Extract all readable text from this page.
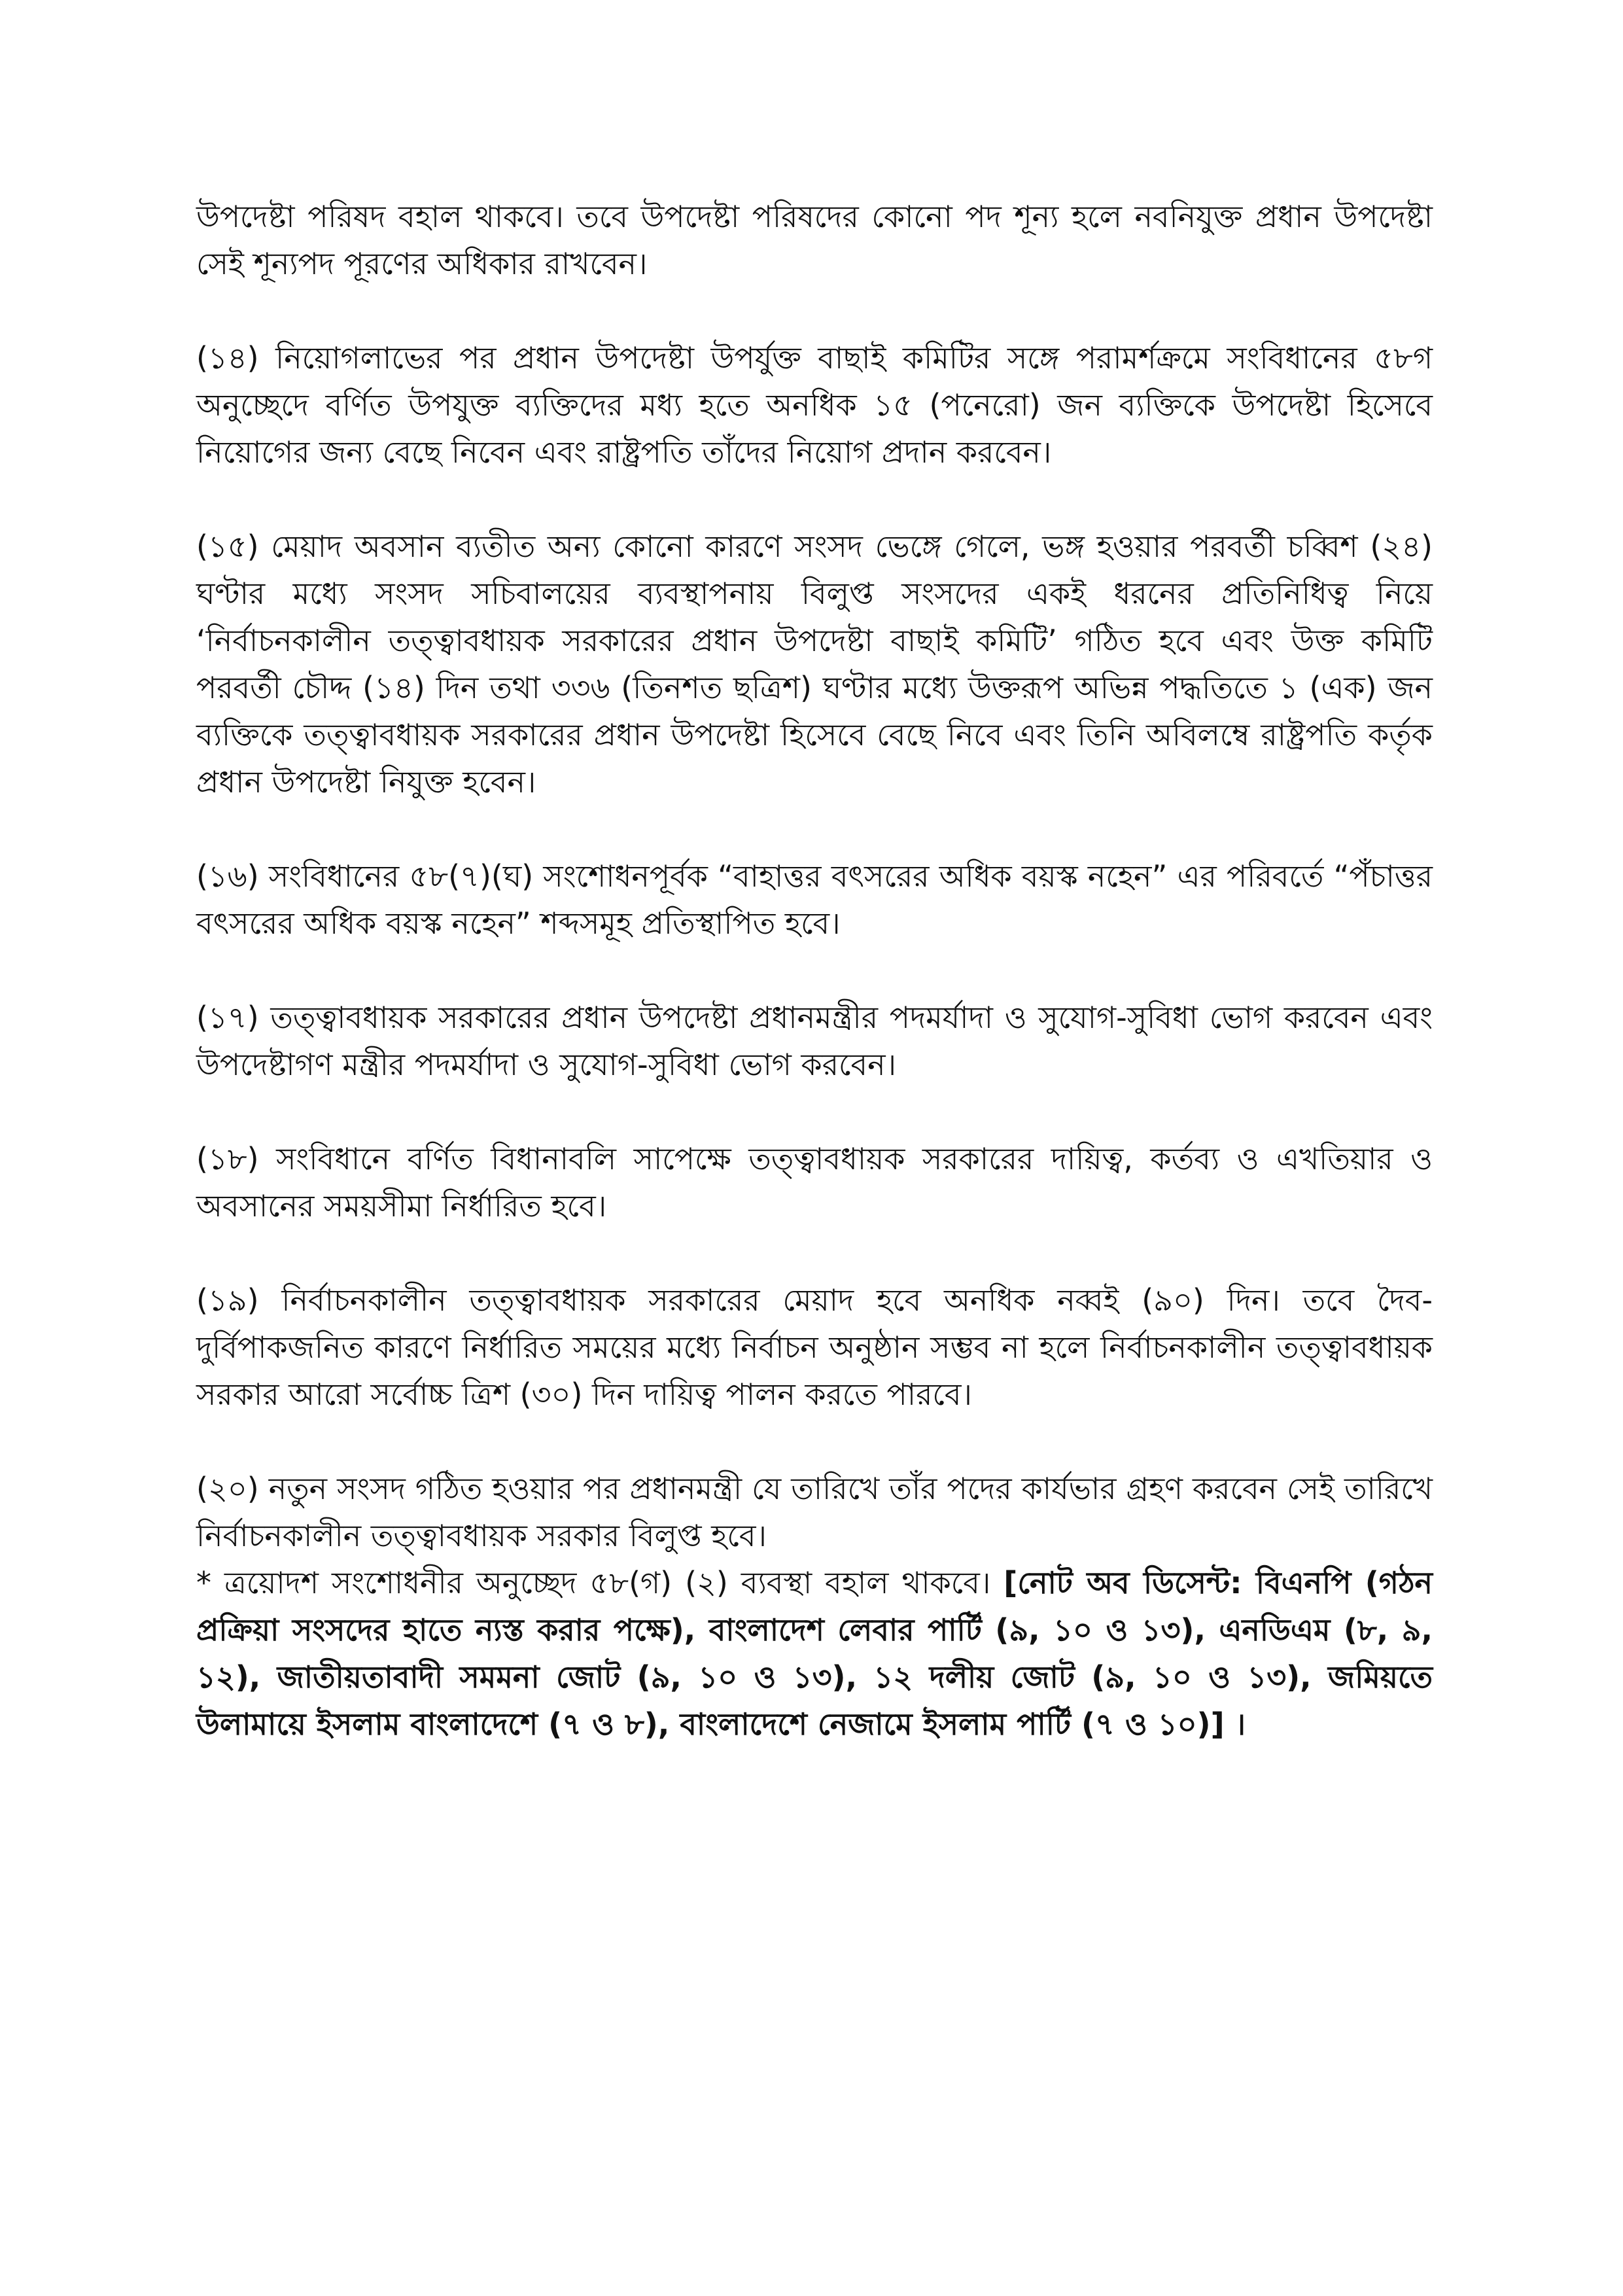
উপদেষ্টা পরিষদ বহাল থাকবে। তবে উপদেষ্টা পরিষদের কোনো পদ শূন্য হলে নবনিযুক্ত প্রধান উপদেষ্টা সেই শূন্যপদ পূরণের অধিকার রাখবেন।

(১৪) নিয়োগলাভের পর প্রধান উপদেষ্টা উপর্যুক্ত বাছাই কমিটির সঙ্গে পরামর্শক্রমে সংবিধানের ৫৮গ অনুচ্ছেদে বর্ণিত উপযুক্ত ব্যক্তিদের মধ্য হতে অনধিক ১৫ (পনেরো) জন ব্যক্তিকে উপদেষ্টা হিসেবে নিয়োগের জন্য বেছে নিবেন এবং রাষ্ট্রপতি তাঁদের নিয়োগ প্রদান করবেন।

(১৫) মেয়াদ অবসান ব্যতীত অন্য কোনো কারণে সংসদ ভেঙ্গে গেলে, ভঙ্গ হওয়ার পরবর্তী চব্বিশ (২৪) ঘণ্টার মধ্যে সংসদ সচিবালয়ের ব্যবস্থাপনায় বিলুপ্ত সংসদের একই ধরনের প্রতিনিধিত্ব নিয়ে ‘নির্বাচনকালীন তত্ত্বাবধায়ক সরকারের প্রধান উপদেষ্টা বাছাই কমিটি’ গঠিত হবে এবং উক্ত কমিটি পরবর্তী চৌদ্দ (১৪) দিন তথা ৩৩৬ (তিনশত ছত্রিশ) ঘণ্টার মধ্যে উক্তরূপ অভিন্ন পদ্ধতিতে ১ (এক) জন ব্যক্তিকে তত্ত্বাবধায়ক সরকারের প্রধান উপদেষ্টা হিসেবে বেছে নিবে এবং তিনি অবিলম্বে রাষ্ট্রপতি কর্তৃক প্রধান উপদেষ্টা নিযুক্ত হবেন।

(১৬) সংবিধানের ৫৮(৭)(ঘ) সংশোধনপূর্বক “বাহাত্তর বৎসরের অধিক বয়স্ক নহেন” এর পরিবর্তে “পঁচাত্তর বৎসরের অধিক বয়স্ক নহেন” শব্দসমূহ প্রতিস্থাপিত হবে।

(১৭) তত্ত্বাবধায়ক সরকারের প্রধান উপদেষ্টা প্রধানমন্ত্রীর পদমর্যাদা ও সুযোগ-সুবিধা ভোগ করবেন এবং উপদেষ্টাগণ মন্ত্রীর পদমর্যাদা ও সুযোগ-সুবিধা ভোগ করবেন।

(১৮) সংবিধানে বর্ণিত বিধানাবলি সাপেক্ষে তত্ত্বাবধায়ক সরকারের দায়িত্ব, কর্তব্য ও এখতিয়ার ও অবসানের সময়সীমা নির্ধারিত হবে।

(১৯) নির্বাচনকালীন তত্ত্বাবধায়ক সরকারের মেয়াদ হবে অনধিক নব্বই (৯০) দিন। তবে দৈব-দুর্বিপাকজনিত কারণে নির্ধারিত সময়ের মধ্যে নির্বাচন অনুষ্ঠান সম্ভব না হলে নির্বাচনকালীন তত্ত্বাবধায়ক সরকার আরো সর্বোচ্চ ত্রিশ (৩০) দিন দায়িত্ব পালন করতে পারবে।

(২০) নতুন সংসদ গঠিত হওয়ার পর প্রধানমন্ত্রী যে তারিখে তাঁর পদের কার্যভার গ্রহণ করবেন সেই তারিখে নির্বাচনকালীন তত্ত্বাবধায়ক সরকার বিলুপ্ত হবে।

* ত্রয়োদশ সংশোধনীর অনুচ্ছেদ ৫৮(গ) (২) ব্যবস্থা বহাল থাকবে। [নোট অব ডিসেন্ট: বিএনপি (গঠন প্রক্রিয়া সংসদের হাতে ন্যস্ত করার পক্ষে), বাংলাদেশ লেবার পার্টি (৯, ১০ ও ১৩), এনডিএম (৮, ৯, ১২), জাতীয়তাবাদী সমমনা জোট (৯, ১০ ও ১৩), ১২ দলীয় জোট (৯, ১০ ও ১৩), জমিয়তে উলামায়ে ইসলাম বাংলাদেশে (৭ ও ৮), বাংলাদেশে নেজামে ইসলাম পার্টি (৭ ও ১০)] ।
